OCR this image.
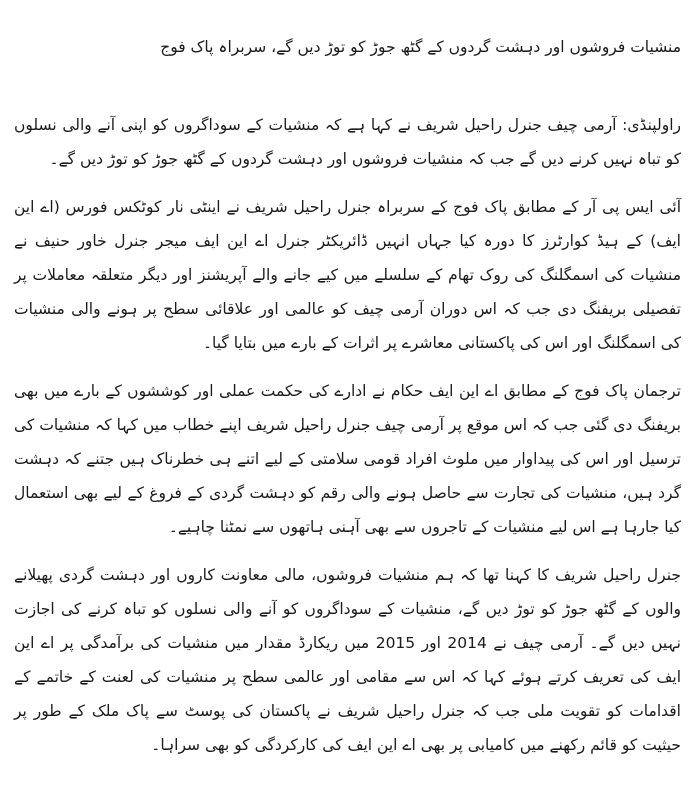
منشیات فروشوں اور دہشت گردوں کے گٹھ جوڑ کو توڑ دیں گے، سربراہ پاک فوج

راولپنڈی: آرمی چیف جنرل راحیل شریف نے کہا ہے کہ منشیات کے سوداگروں کو اپنی آنے والی نسلوں کو تباہ نہیں کرنے دیں گے جب کہ منشیات فروشوں اور دہشت گردوں کے گٹھ جوڑ کو توڑ دیں گے۔

آئی ایس پی آر کے مطابق پاک فوج کے سربراہ جنرل راحیل شریف نے اینٹی نار کوٹکس فورس (اے این ایف) کے ہیڈ کوارٹرز کا دورہ کیا جہاں انہیں ڈائریکٹر جنرل اے این ایف میجر جنرل خاور حنیف نے منشیات کی اسمگلنگ کی روک تھام کے سلسلے میں کیے جانے والے آپریشنز اور دیگر متعلقہ معاملات پر تفصیلی بریفنگ دی جب کہ اس دوران آرمی چیف کو عالمی اور علاقائی سطح پر ہونے والی منشیات کی اسمگلنگ اور اس کی پاکستانی معاشرے پر اثرات کے بارے میں بتایا گیا۔

ترجمان پاک فوج کے مطابق اے این ایف حکام نے ادارے کی حکمت عملی اور کوششوں کے بارے میں بھی بریفنگ دی گئی جب کہ اس موقع پر آرمی چیف جنرل راحیل شریف اپنے خطاب میں کہا کہ منشیات کی ترسیل اور اس کی پیداوار میں ملوث افراد قومی سلامتی کے لیے اتنے ہی خطرناک ہیں جتنے کہ دہشت گرد ہیں، منشیات کی تجارت سے حاصل ہونے والی رقم کو دہشت گردی کے فروغ کے لیے بھی استعمال کیا جارہا ہے اس لیے منشیات کے تاجروں سے بھی آہنی ہاتھوں سے نمٹنا چاہیے۔

جنرل راحیل شریف کا کہنا تھا کہ ہم منشیات فروشوں، مالی معاونت کاروں اور دہشت گردی پھیلانے والوں کے گٹھ جوڑ کو توڑ دیں گے، منشیات کے سوداگروں کو آنے والی نسلوں کو تباہ کرنے کی اجازت نہیں دیں گے۔ آرمی چیف نے 2014 اور 2015 میں ریکارڈ مقدار میں منشیات کی برآمدگی پر اے این ایف کی تعریف کرتے ہوئے کہا کہ اس سے مقامی اور عالمی سطح پر منشیات کی لعنت کے خاتمے کے اقدامات کو تقویت ملی جب کہ جنرل راحیل شریف نے پاکستان کی پوسٹ سے پاک ملک کے طور پر حیثیت کو قائم رکھنے میں کامیابی پر بھی اے این ایف کی کارکردگی کو بھی سراہا۔
